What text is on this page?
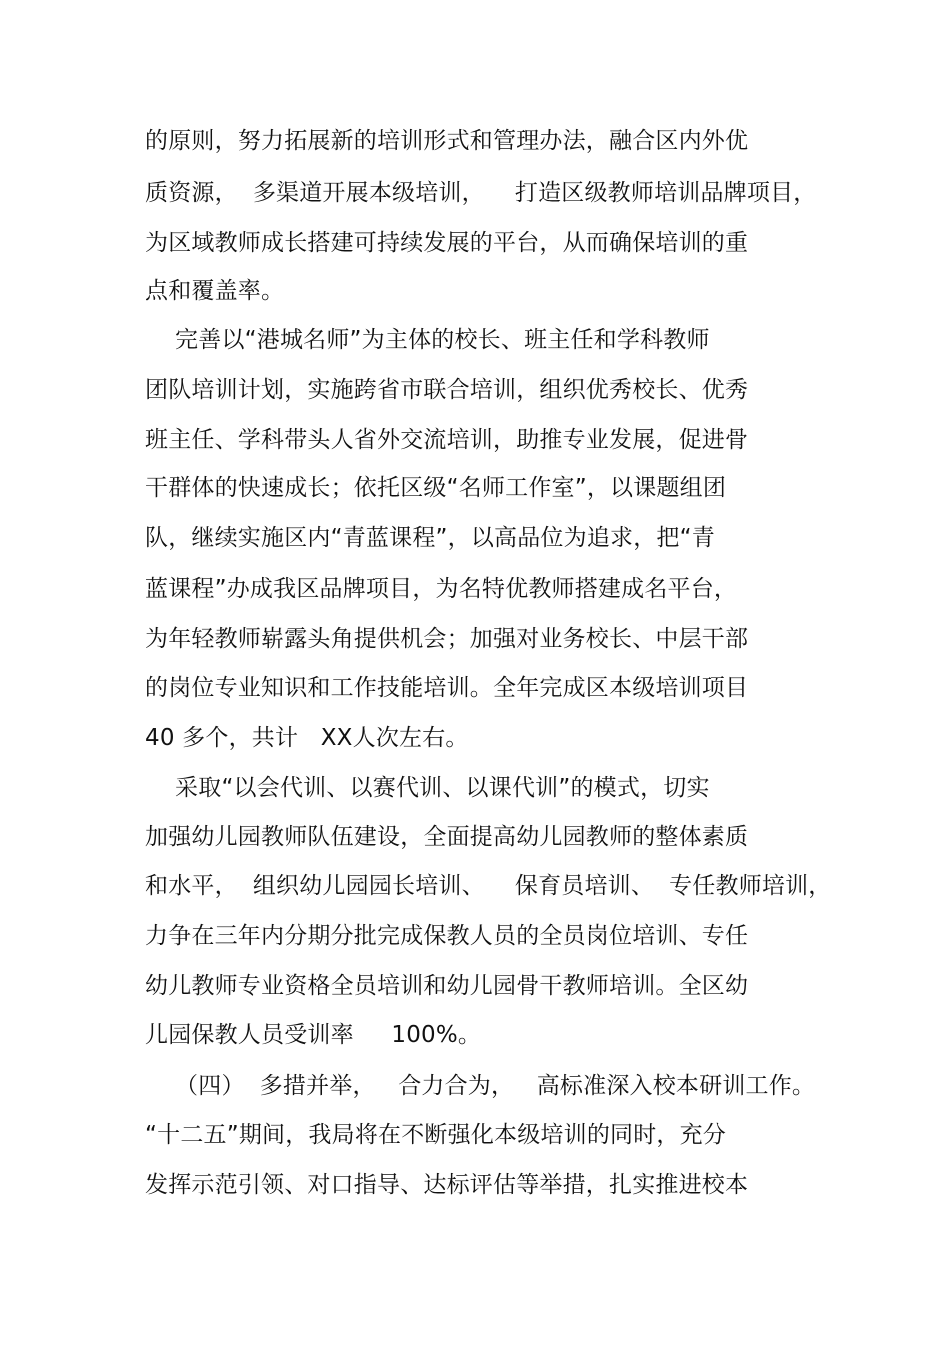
的原则，努力拓展新的培训形式和管理办法，融合区内外优
质资源，  多渠道开展本级培训，    打造区级教师培训品牌项目，
为区域教师成长搭建可持续发展的平台，从而确保培训的重
点和覆盖率。
完善以“港城名师”为主体的校长、班主任和学科教师
团队培训计划，实施跨省市联合培训，组织优秀校长、优秀
班主任、学科带头人省外交流培训，助推专业发展，促进骨
干群体的快速成长；依托区级“名师工作室”，以课题组团
队，继续实施区内“青蓝课程”，以高品位为追求，把“青
蓝课程”办成我区品牌项目，为名特优教师搭建成名平台，
为年轻教师崭露头角提供机会；加强对业务校长、中层干部
的岗位专业知识和工作技能培训。全年完成区本级培训项目
40 多个，共计   XX人次左右。
采取“以会代训、以赛代训、以课代训”的模式，切实
加强幼儿园教师队伍建设，全面提高幼儿园教师的整体素质
和水平，  组织幼儿园园长培训、    保育员培训、  专任教师培训，
力争在三年内分期分批完成保教人员的全员岗位培训、专任
幼儿教师专业资格全员培训和幼儿园骨干教师培训。全区幼
儿园保教人员受训率     100%。
（四）  多措并举，   合力合为，   高标准深入校本研训工作。
“十二五”期间，我局将在不断强化本级培训的同时，充分
发挥示范引领、对口指导、达标评估等举措，扎实推进校本
